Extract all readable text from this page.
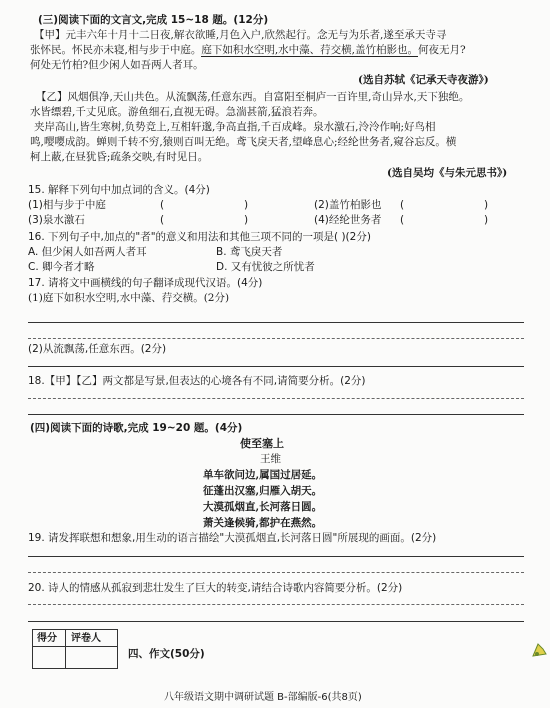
(三)阅读下面的文言文,完成 15~18 题。(12分)
【甲】元丰六年十月十二日夜,解衣欲睡,月色入户,欣然起行。念无与为乐者,遂至承天寺寻
张怀民。怀民亦未寝,相与步于中庭。庭下如积水空明,水中藻、荇交横,盖竹柏影也。何夜无月?
何处无竹柏?但少闲人如吾两人者耳。
(选自苏轼《记承天寺夜游》)
【乙】风烟俱净,天山共色。从流飘荡,任意东西。自富阳至桐庐一百许里,奇山异水,天下独绝。
水皆缥碧,千丈见底。游鱼细石,直视无碍。急湍甚箭,猛浪若奔。
夹岸高山,皆生寒树,负势竞上,互相轩邈,争高直指,千百成峰。泉水激石,泠泠作响;好鸟相
鸣,嘤嘤成韵。蝉则千转不穷,猿则百叫无绝。鸢飞戾天者,望峰息心;经纶世务者,窥谷忘反。横
柯上蔽,在昼犹昏;疏条交映,有时见日。
(选自吴均《与朱元思书》)
15. 解释下列句中加点词的含义。(4分)
(1)相与步于中庭	(	)	(2)盖竹柏影也 (	)
(3)泉水激石	(	)	(4)经纶世务者 (	)
16. 下列句子中,加点的"者"的意义和用法和其他三项不同的一项是( )(2分)
A. 但少闲人如吾两人者耳	B. 鸢飞戾天者
C. 卿今者才略	D. 又有忧彼之所忧者
17. 请将文中画横线的句子翻译成现代汉语。(4分)
(1)庭下如积水空明,水中藻、荇交横。(2分)
(2)从流飘荡,任意东西。(2分)
18.【甲】【乙】两文都是写景,但表达的心境各有不同,请简要分析。(2分)
(四)阅读下面的诗歌,完成 19~20 题。(4分)
使至塞上
王维
单车欲问边,属国过居延。
征蓬出汉塞,归雁入胡天。
大漠孤烟直,长河落日圆。
萧关逢候骑,都护在燕然。
19. 请发挥联想和想象,用生动的语言描绘"大漠孤烟直,长河落日圆"所展现的画面。(2分)
20. 诗人的情感从孤寂到悲壮发生了巨大的转变,请结合诗歌内容简要分析。(2分)
得分 评卷人
四、作文(50分)
八年级语文期中调研试题 B-部编版-6(共8页)
